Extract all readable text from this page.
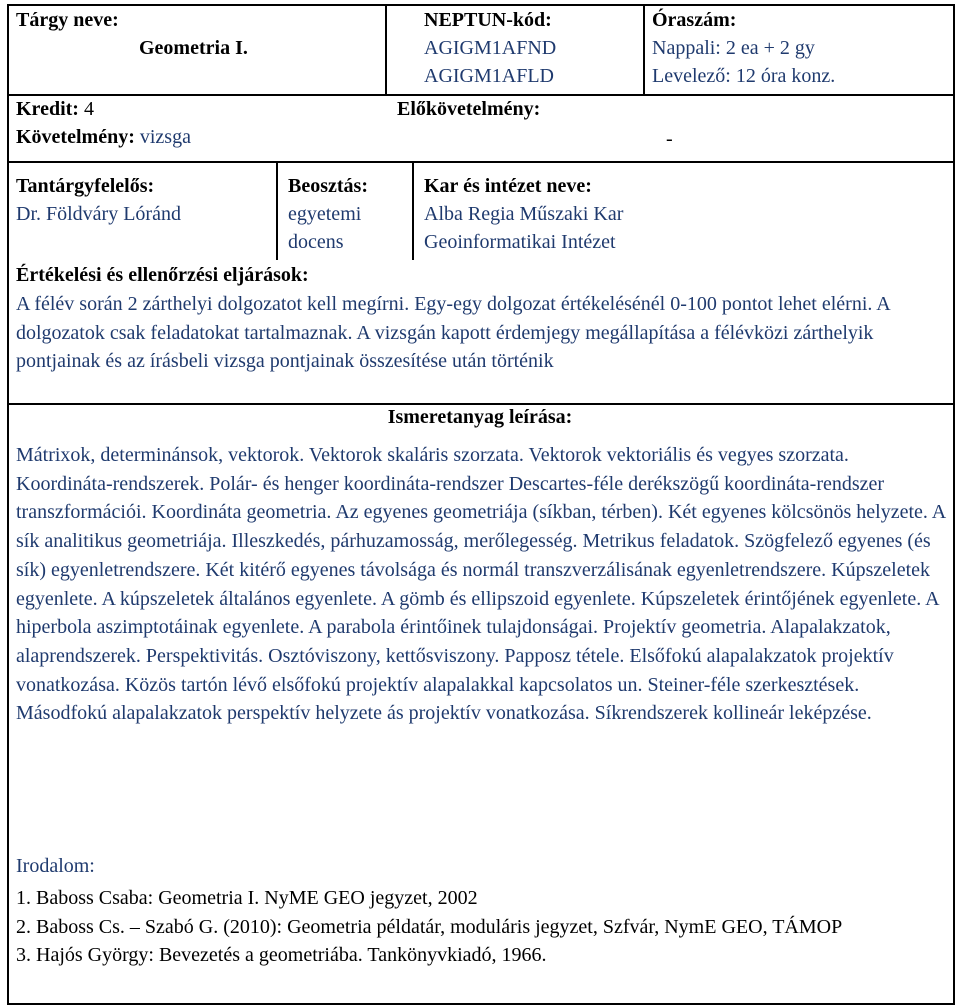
Tárgy neve:
Geometria I.
NEPTUN-kód:
AGIGM1AFND
AGIGM1AFLD
Óraszám:
Nappali: 2 ea + 2 gy
Levelező: 12 óra konz.
Kredit: 4
Követelmény: vizsga
Előkövetelmény:
-
Tantárgyfelelős:
Dr. Földváry Lóránd
Beosztás:
egyetemi
docens
Kar és intézet neve:
Alba Regia Műszaki Kar
Geoinformatikai Intézet
Értékelési és ellenőrzési eljárások:
A félév során 2 zárthelyi dolgozatot kell megírni. Egy-egy dolgozat értékelésénél 0-100 pontot lehet elérni. A dolgozatok csak feladatokat tartalmaznak. A vizsgán kapott érdemjegy megállapítása a félévközi zárthelyik pontjainak és az írásbeli vizsga pontjainak összesítése után történik
Ismeretanyag leírása:
Mátrixok, determinánsok, vektorok. Vektorok skaláris szorzata. Vektorok vektoriális és vegyes szorzata. Koordináta-rendszerek. Polár- és henger koordináta-rendszer Descartes-féle derékszögű koordináta-rendszer transzformációi. Koordináta geometria. Az egyenes geometriája (síkban, térben). Két egyenes kölcsönös helyzete. A sík analitikus geometriája. Illeszkedés, párhuzamosság, merőlegesség. Metrikus feladatok. Szögfelező egyenes (és sík) egyenletrendszere. Két kitérő egyenes távolsága és normál transzverzálisának egyenletrendszere. Kúpszeletek egyenlete. A kúpszeletek általános egyenlete. A gömb és ellipszoid egyenlete. Kúpszeletek érintőjének egyenlete. A hiperbola aszimptotáinak egyenlete. A parabola érintőinek tulajdonságai. Projektív geometria. Alapalakzatok, alaprendszerek. Perspektivitás. Osztóviszony, kettősviszony. Papposz tétele. Elsőfokú alapalakzatok projektív vonatkozása. Közös tartón lévő elsőfokú projektív alapalakkal kapcsolatos un. Steiner-féle szerkesztések. Másodfokú alapalakzatok perspektív helyzete ás projektív vonatkozása. Síkrendszerek kollineár leképzése.
Irodalom:
1. Baboss Csaba: Geometria I. NyME GEO jegyzet, 2002
2. Baboss Cs. – Szabó G. (2010): Geometria példatár, moduláris jegyzet, Szfvár, NymE GEO, TÁMOP
3. Hajós György: Bevezetés a geometriába. Tankönyvkiadó, 1966.
